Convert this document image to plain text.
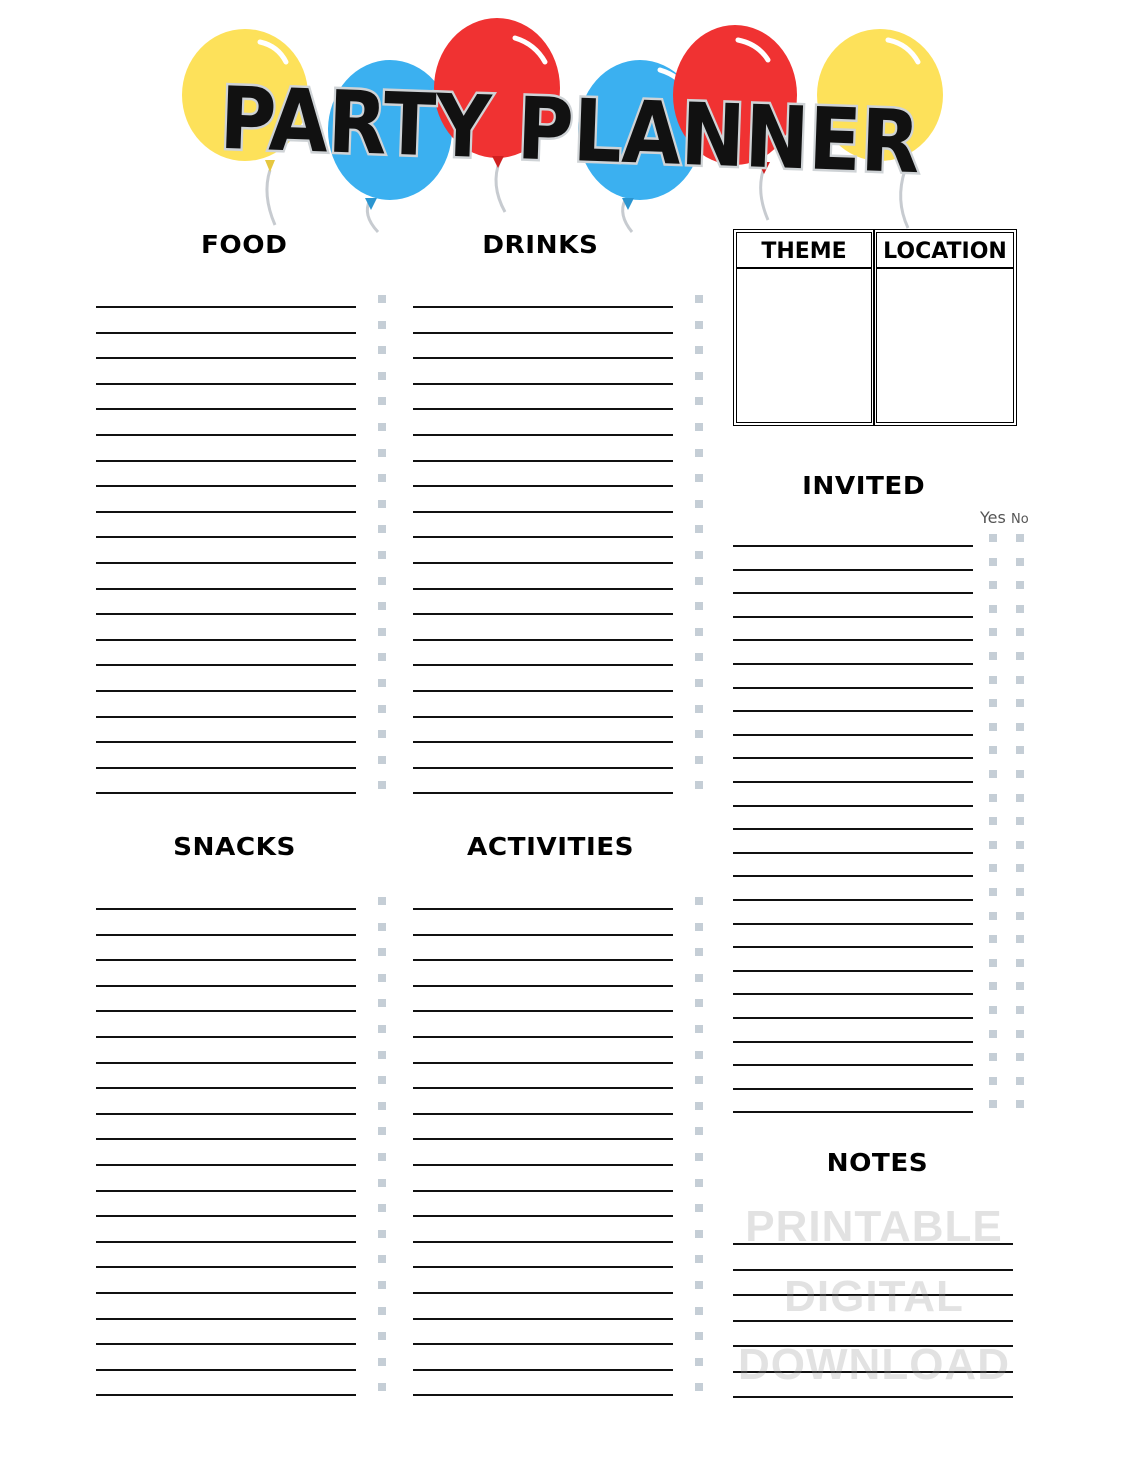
PARTY PLANNER
FOOD	DRINKS
SNACKS	ACTIVITIES
INVITED
NOTES
THEME	LOCATION
Yes No
PRINTABLE
DIGITAL
DOWNLOAD
